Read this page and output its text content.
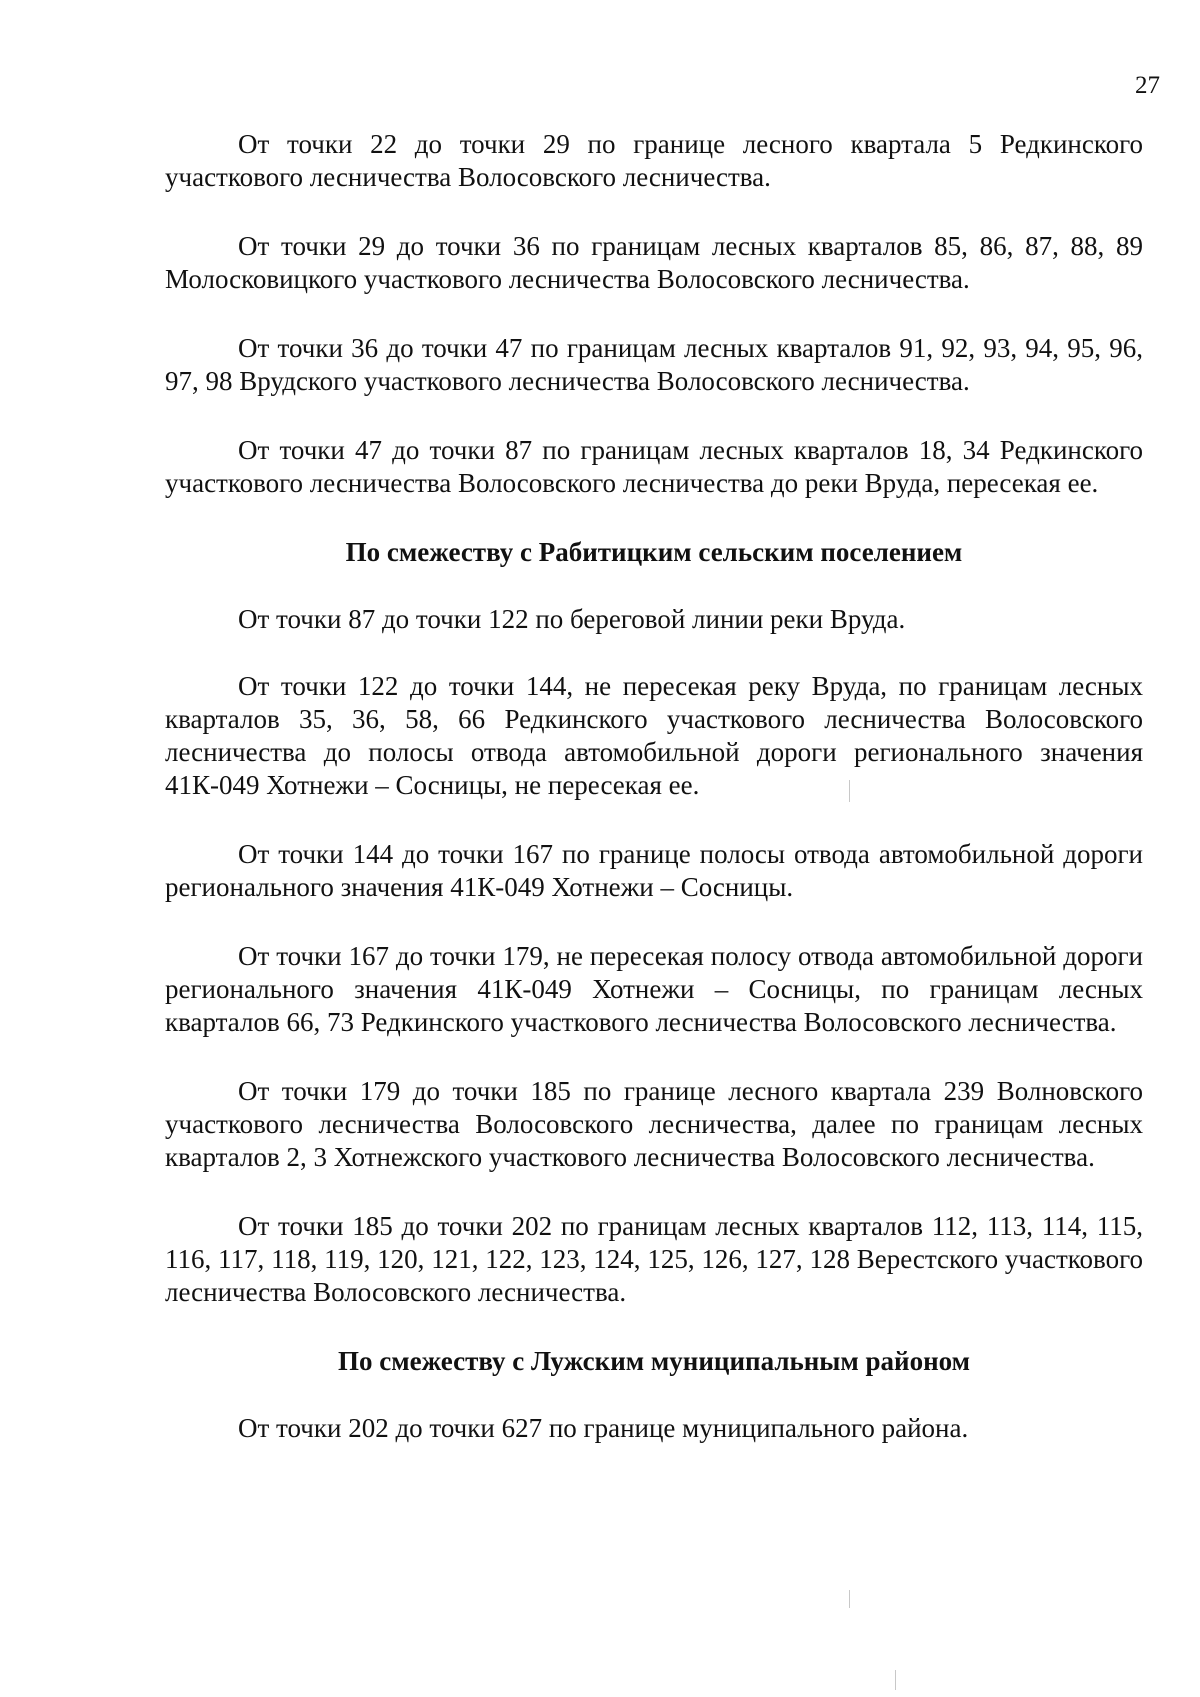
27

От точки 22 до точки 29 по границе лесного квартала 5 Редкинского участкового лесничества Волосовского лесничества.

От точки 29 до точки 36 по границам лесных кварталов 85, 86, 87, 88, 89 Молосковицкого участкового лесничества Волосовского лесничества.

От точки 36 до точки 47 по границам лесных кварталов 91, 92, 93, 94, 95, 96, 97, 98 Врудского участкового лесничества Волосовского лесничества.

От точки 47 до точки 87 по границам лесных кварталов 18, 34 Редкинского участкового лесничества Волосовского лесничества до реки Вруда, пересекая ее.

По смежеству с Рабитицким сельским поселением

От точки 87 до точки 122 по береговой линии реки Вруда.

От точки 122 до точки 144, не пересекая реку Вруда, по границам лесных кварталов 35, 36, 58, 66 Редкинского участкового лесничества Волосовского лесничества до полосы отвода автомобильной дороги регионального значения 41К-049 Хотнежи – Сосницы, не пересекая ее.

От точки 144 до точки 167 по границе полосы отвода автомобильной дороги регионального значения 41К-049 Хотнежи – Сосницы.

От точки 167 до точки 179, не пересекая полосу отвода автомобильной дороги регионального значения 41К-049 Хотнежи – Сосницы, по границам лесных кварталов 66, 73 Редкинского участкового лесничества Волосовского лесничества.

От точки 179 до точки 185 по границе лесного квартала 239 Волновского участкового лесничества Волосовского лесничества, далее по границам лесных кварталов 2, 3 Хотнежского участкового лесничества Волосовского лесничества.

От точки 185 до точки 202 по границам лесных кварталов 112, 113, 114, 115, 116, 117, 118, 119, 120, 121, 122, 123, 124, 125, 126, 127, 128 Верестского участкового лесничества Волосовского лесничества.

По смежеству с Лужским муниципальным районом

От точки 202 до точки 627 по границе муниципального района.
